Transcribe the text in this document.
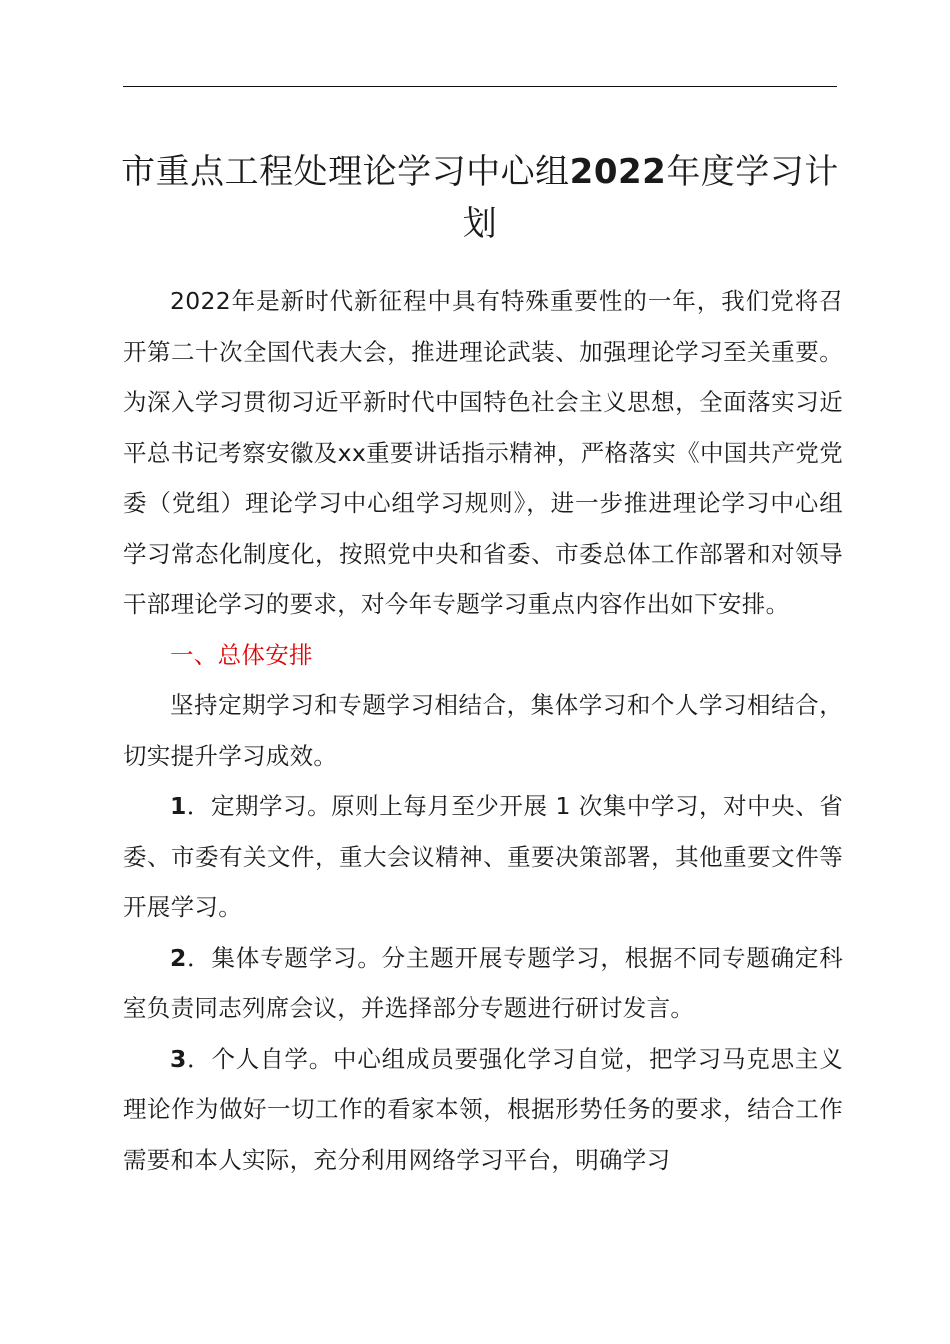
市重点工程处理论学习中心组2022年度学习计划

2022年是新时代新征程中具有特殊重要性的一年，我们党将召开第二十次全国代表大会，推进理论武装、加强理论学习至关重要。为深入学习贯彻习近平新时代中国特色社会主义思想，全面落实习近平总书记考察安徽及xx重要讲话指示精神，严格落实《中国共产党党委（党组）理论学习中心组学习规则》，进一步推进理论学习中心组学习常态化制度化，按照党中央和省委、市委总体工作部署和对领导干部理论学习的要求，对今年专题学习重点内容作出如下安排。

一、总体安排

坚持定期学习和专题学习相结合，集体学习和个人学习相结合，切实提升学习成效。

1．定期学习。原则上每月至少开展 1 次集中学习，对中央、省委、市委有关文件，重大会议精神、重要决策部署，其他重要文件等开展学习。

2．集体专题学习。分主题开展专题学习，根据不同专题确定科室负责同志列席会议，并选择部分专题进行研讨发言。

3．个人自学。中心组成员要强化学习自觉，把学习马克思主义理论作为做好一切工作的看家本领，根据形势任务的要求，结合工作需要和本人实际，充分利用网络学习平台，明确学习
